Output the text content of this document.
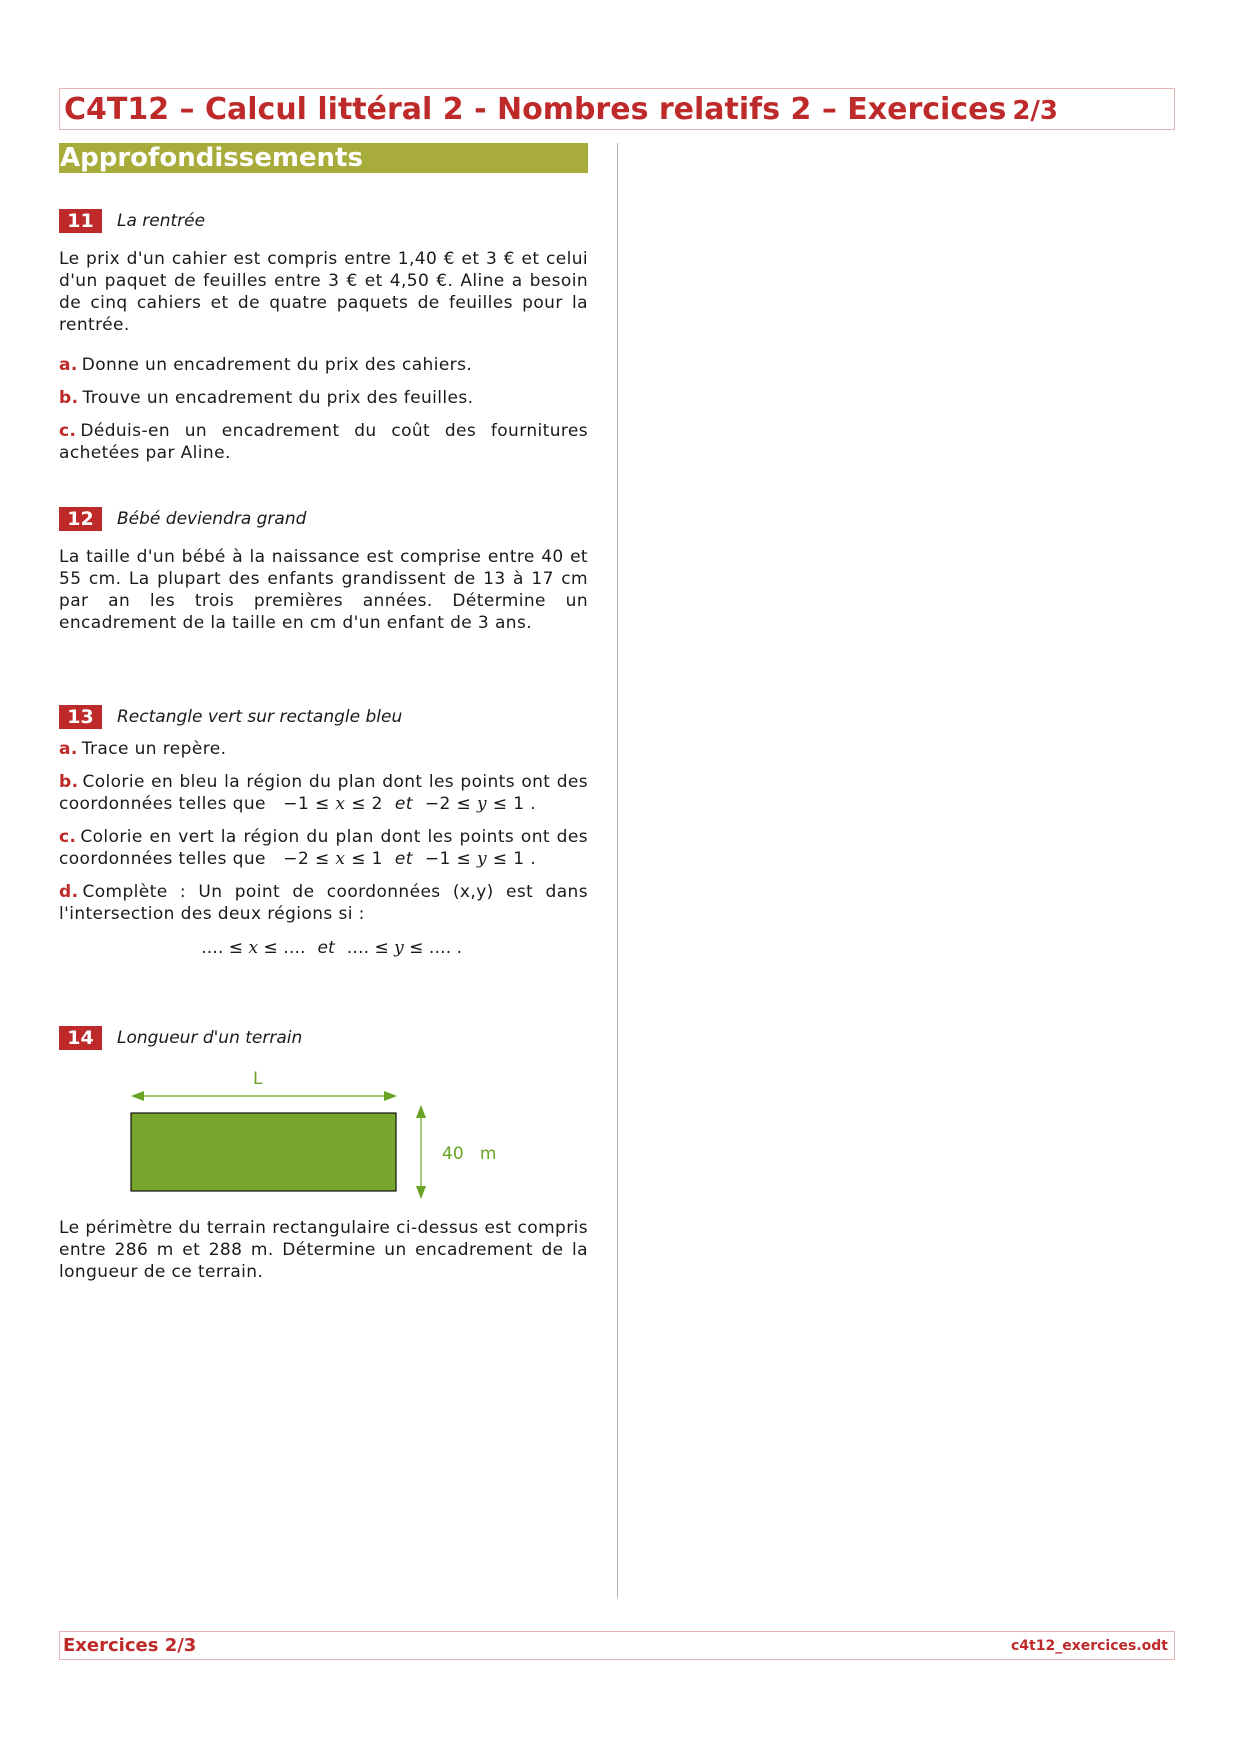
C4T12 – Calcul littéral 2 - Nombres relatifs 2 – Exercices 2/3
Approfondissements
11	La rentrée
Le prix d'un cahier est compris entre 1,40 € et 3 € et celui d'un paquet de feuilles entre 3 € et 4,50 €. Aline a besoin de cinq cahiers et de quatre paquets de feuilles pour la rentrée.
a. Donne un encadrement du prix des cahiers.
b. Trouve un encadrement du prix des feuilles.
c. Déduis-en un encadrement du coût des fournitures achetées par Aline.
12	Bébé deviendra grand
La taille d'un bébé à la naissance est comprise entre 40 et 55 cm. La plupart des enfants grandissent de 13 à 17 cm par an les trois premières années. Détermine un encadrement de la taille en cm d'un enfant de 3 ans.
13	Rectangle vert sur rectangle bleu
a. Trace un repère.
b. Colorie en bleu la région du plan dont les points ont des coordonnées telles que −1 ≤ x ≤ 2 et −2 ≤ y ≤ 1 .
c. Colorie en vert la région du plan dont les points ont des coordonnées telles que −2 ≤ x ≤ 1 et −1 ≤ y ≤ 1 .
d. Complète : Un point de coordonnées (x,y) est dans l'intersection des deux régions si :
…. ≤ x ≤ …. et …. ≤ y ≤ …. .
14	Longueur d'un terrain
L
40   m
Le périmètre du terrain rectangulaire ci-dessus est compris entre 286 m et 288 m. Détermine un encadrement de la longueur de ce terrain.
Exercices 2/3	c4t12_exercices.odt
